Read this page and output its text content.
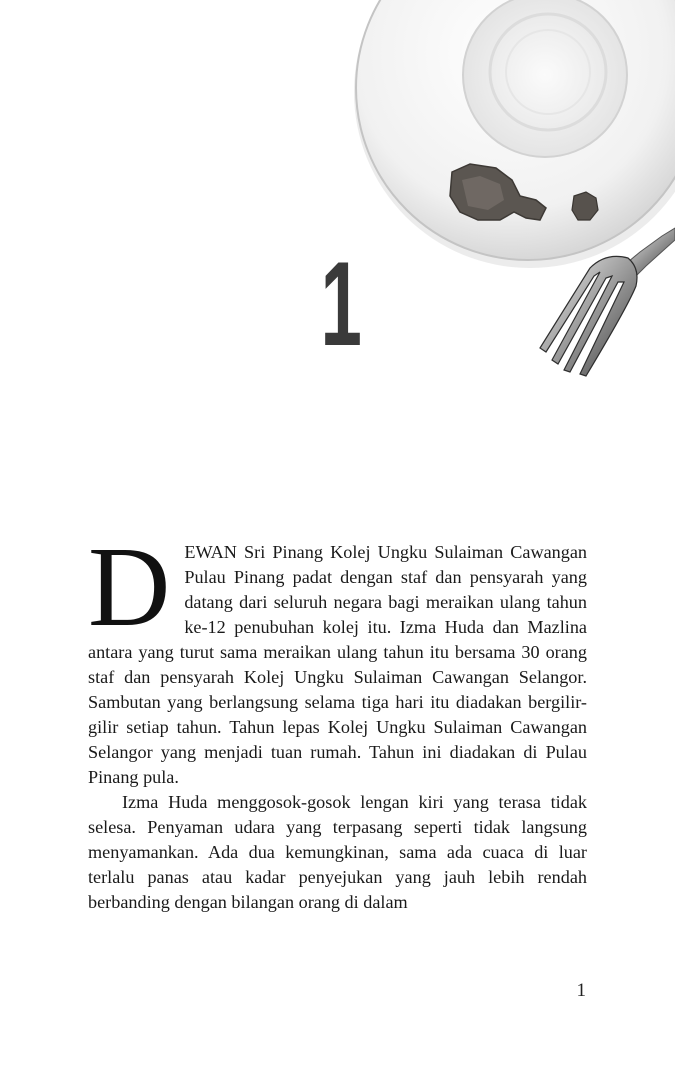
1

DEWAN Sri Pinang Kolej Ungku Sulaiman Cawangan Pulau Pinang padat dengan staf dan pensyarah yang datang dari seluruh negara bagi meraikan ulang tahun ke-12 penubuhan kolej itu. Izma Huda dan Mazlina antara yang turut sama meraikan ulang tahun itu bersama 30 orang staf dan pensyarah Kolej Ungku Sulaiman Cawangan Selangor. Sambutan yang berlangsung selama tiga hari itu diadakan bergilir-gilir setiap tahun. Tahun lepas Kolej Ungku Sulaiman Cawangan Selangor yang menjadi tuan rumah. Tahun ini diadakan di Pulau Pinang pula.

Izma Huda menggosok-gosok lengan kiri yang terasa tidak selesa. Penyaman udara yang terpasang seperti tidak langsung menyamankan. Ada dua kemungkinan, sama ada cuaca di luar terlalu panas atau kadar penyejukan yang jauh lebih rendah berbanding dengan bilangan orang di dalam

1
